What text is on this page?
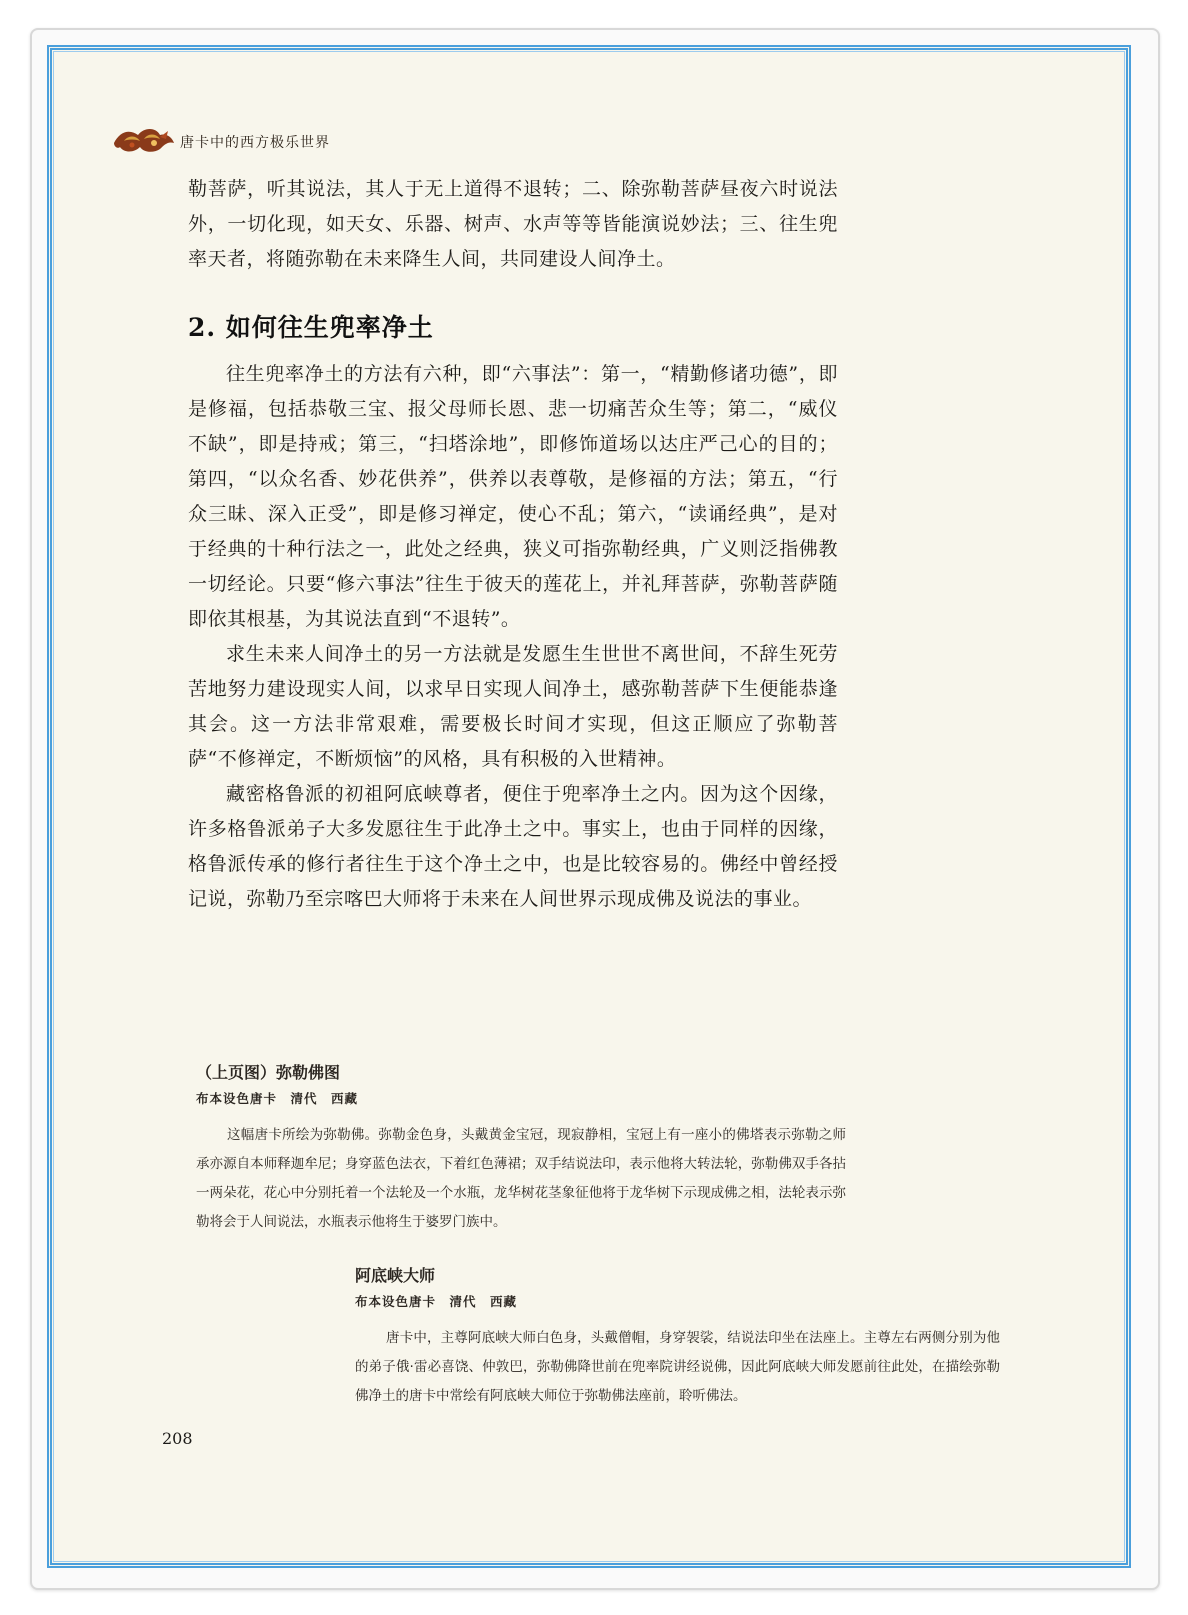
唐卡中的西方极乐世界

勒菩萨，听其说法，其人于无上道得不退转；二、除弥勒菩萨昼夜六时说法外，一切化现，如天女、乐器、树声、水声等等皆能演说妙法；三、往生兜率天者，将随弥勒在未来降生人间，共同建设人间净土。

2. 如何往生兜率净土

往生兜率净土的方法有六种，即“六事法”：第一，“精勤修诸功德”，即是修福，包括恭敬三宝、报父母师长恩、悲一切痛苦众生等；第二，“威仪不缺”，即是持戒；第三，“扫塔涂地”，即修饰道场以达庄严己心的目的；第四，“以众名香、妙花供养”，供养以表尊敬，是修福的方法；第五，“行众三昧、深入正受”，即是修习禅定，使心不乱；第六，“读诵经典”，是对于经典的十种行法之一，此处之经典，狭义可指弥勒经典，广义则泛指佛教一切经论。只要“修六事法”往生于彼天的莲花上，并礼拜菩萨，弥勒菩萨随即依其根基，为其说法直到“不退转”。

求生未来人间净土的另一方法就是发愿生生世世不离世间，不辞生死劳苦地努力建设现实人间，以求早日实现人间净土，感弥勒菩萨下生便能恭逢其会。这一方法非常艰难，需要极长时间才实现，但这正顺应了弥勒菩萨“不修禅定，不断烦恼”的风格，具有积极的入世精神。

藏密格鲁派的初祖阿底峡尊者，便住于兜率净土之内。因为这个因缘，许多格鲁派弟子大多发愿往生于此净土之中。事实上，也由于同样的因缘，格鲁派传承的修行者往生于这个净土之中，也是比较容易的。佛经中曾经授记说，弥勒乃至宗喀巴大师将于未来在人间世界示现成佛及说法的事业。

（上页图）弥勒佛图
布本设色唐卡　清代　西藏

这幅唐卡所绘为弥勒佛。弥勒金色身，头戴黄金宝冠，现寂静相，宝冠上有一座小的佛塔表示弥勒之师承亦源自本师释迦牟尼；身穿蓝色法衣，下着红色薄裙；双手结说法印，表示他将大转法轮，弥勒佛双手各拈一两朵花，花心中分别托着一个法轮及一个水瓶，龙华树花茎象征他将于龙华树下示现成佛之相，法轮表示弥勒将会于人间说法，水瓶表示他将生于婆罗门族中。

阿底峡大师
布本设色唐卡　清代　西藏

唐卡中，主尊阿底峡大师白色身，头戴僧帽，身穿袈裟，结说法印坐在法座上。主尊左右两侧分别为他的弟子俄·雷必喜饶、仲敦巴，弥勒佛降世前在兜率院讲经说佛，因此阿底峡大师发愿前往此处，在描绘弥勒佛净土的唐卡中常绘有阿底峡大师位于弥勒佛法座前，聆听佛法。

208
